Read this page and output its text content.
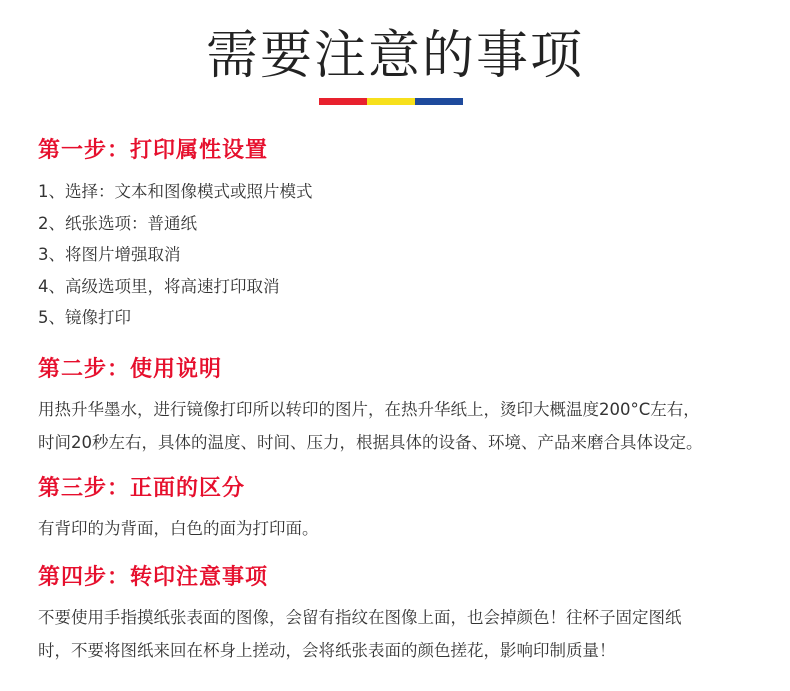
需要注意的事项
第一步：打印属性设置
1、选择：文本和图像模式或照片模式
2、纸张选项：普通纸
3、将图片增强取消
4、高级选项里，将高速打印取消
5、镜像打印
第二步：使用说明
用热升华墨水，进行镜像打印所以转印的图片，在热升华纸上，烫印大概温度200°C左右，
时间20秒左右，具体的温度、时间、压力，根据具体的设备、环境、产品来磨合具体设定。
第三步：正面的区分
有背印的为背面，白色的面为打印面。
第四步：转印注意事项
不要使用手指摸纸张表面的图像，会留有指纹在图像上面，也会掉颜色！往杯子固定图纸
时，不要将图纸来回在杯身上搓动，会将纸张表面的颜色搓花，影响印制质量！
